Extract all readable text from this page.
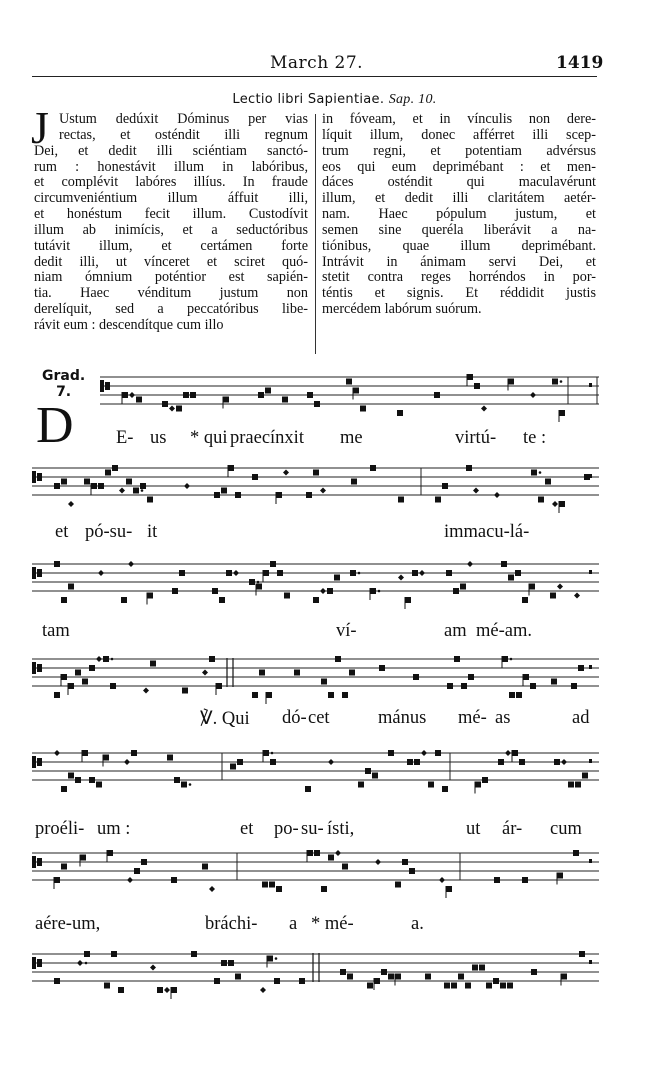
March 27.	1419
Lectio libri Sapientiae. Sap. 10.
J Ustum dedúxit Dóminus per vias
rectas, et osténdit illi regnum
Dei, et dedit illi sciéntiam sanctó-
rum : honestávit illum in labóribus,
et complévit labóres illíus. In fraude
circumveniéntium illum áffuit illi,
et honéstum fecit illum. Custodívit
illum ab inimícis, et a seductóribus
tutávit illum, et certámen forte
dedit illi, ut vínceret et sciret quó-
niam ómnium poténtior est sapién-
tia. Haec vénditum justum non
derelíquit, sed a peccatóribus libe-
rávit eum : descendítque cum illo
in fóveam, et in vínculis non dere-
líquit illum, donec afférret illi scep-
trum regni, et potentiam advérsus
eos qui eum deprimébant : et men-
dáces osténdit qui maculavérunt
illum, et dedit illi claritátem aetér-
nam. Haec pópulum justum, et
semen sine queréla liberávit a na-
tiónibus, quae illum deprimébant.
Intrávit in ánimam servi Dei, et
stetit contra reges horréndos in por-
téntis et signis. Et réddidit justis
mercédem labórum suórum.
Grad.
7.
D E- us * qui praecínxit me	virtú- te :
et pó-su- it	immacu-lá-
tam	ví-	am mé-am.
℣. Qui dó- cet	mánus mé- as	ad
proéli- um :	et po- su- ísti,	ut ár- cum
aére-um,	bráchi- a * mé-	a.
